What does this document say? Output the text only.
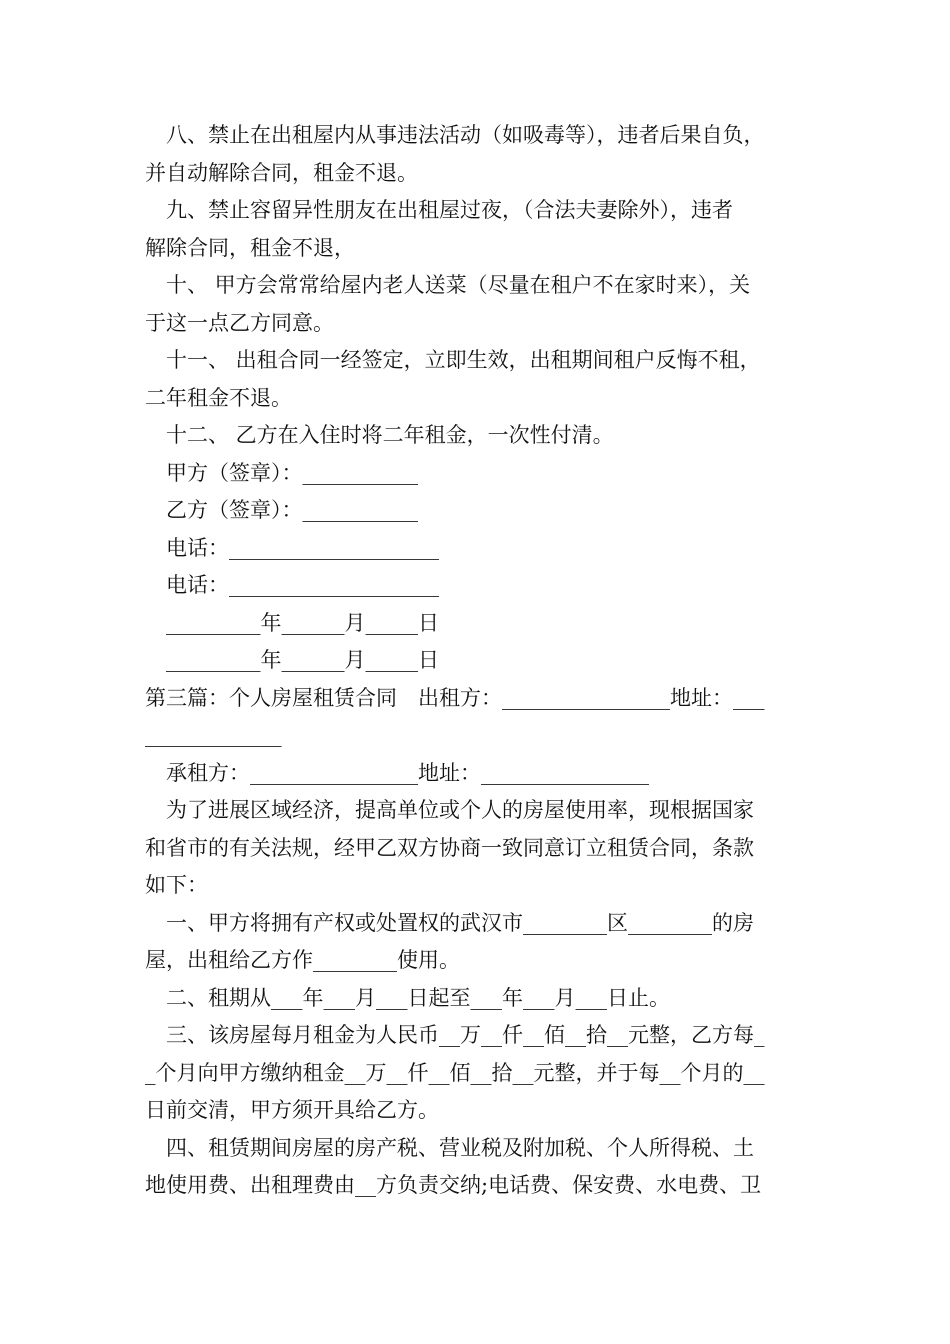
八、禁止在出租屋内从事违法活动（如吸毒等），违者后果自负，
并自动解除合同，租金不退。
九、禁止容留异性朋友在出租屋过夜，（合法夫妻除外），违者
解除合同，租金不退，
十、 甲方会常常给屋内老人送菜（尽量在租户不在家时来），关
于这一点乙方同意。
十一、 出租合同一经签定，立即生效，出租期间租户反悔不租，
二年租金不退。
十二、 乙方在入住时将二年租金，一次性付清。
甲方（签章）：___________
乙方（签章）：___________
电话：____________________
电话：____________________
_________年______月_____日
_________年______月_____日
第三篇：个人房屋租赁合同　出租方：________________地址：___
_____________
承租方：________________地址：________________
为了进展区域经济，提高单位或个人的房屋使用率，现根据国家
和省市的有关法规，经甲乙双方协商一致同意订立租赁合同，条款
如下：
一、甲方将拥有产权或处置权的武汉市________区________的房
屋，出租给乙方作________使用。
二、租期从___年___月___日起至___年___月___日止。
三、该房屋每月租金为人民币__万__仟__佰__拾__元整，乙方每_
_个月向甲方缴纳租金__万__仟__佰__拾__元整，并于每__个月的__
日前交清，甲方须开具给乙方。
四、租赁期间房屋的房产税、营业税及附加税、个人所得税、土
地使用费、出租理费由__方负责交纳;电话费、保安费、水电费、卫
